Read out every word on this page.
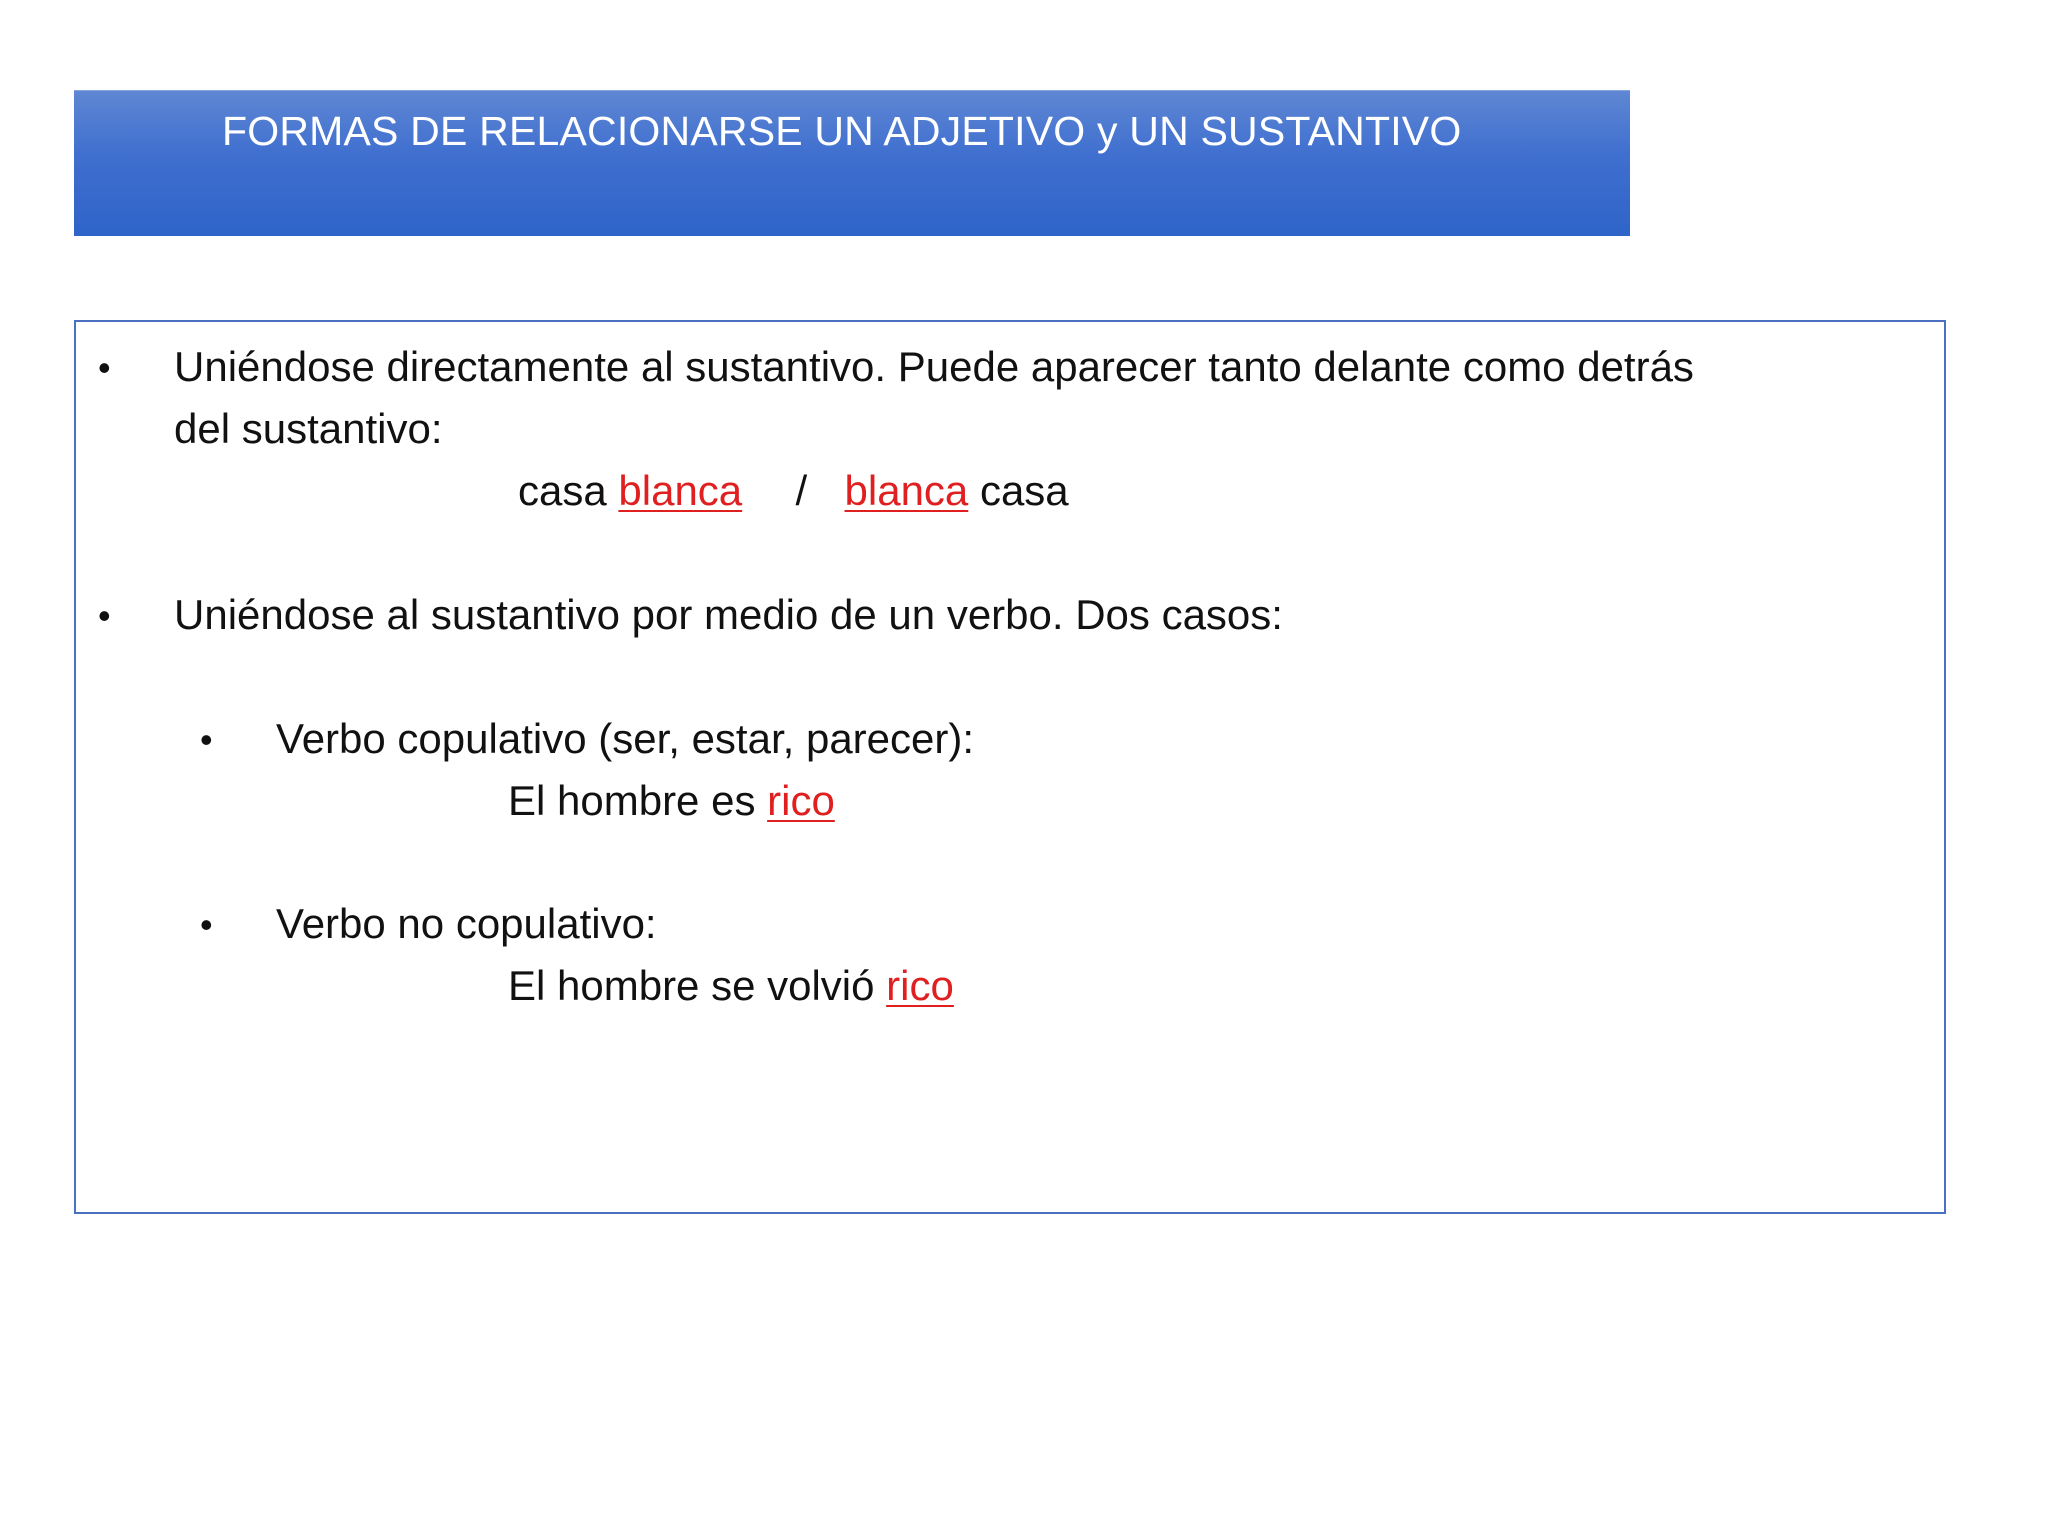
FORMAS DE RELACIONARSE UN ADJETIVO y UN SUSTANTIVO
• Uniéndose directamente al sustantivo. Puede aparecer tanto delante como detrás
del sustantivo:
casa blanca / blanca casa
• Uniéndose al sustantivo por medio de un verbo. Dos casos:
• Verbo copulativo (ser, estar, parecer):
El hombre es rico
• Verbo no copulativo:
El hombre se volvió rico
